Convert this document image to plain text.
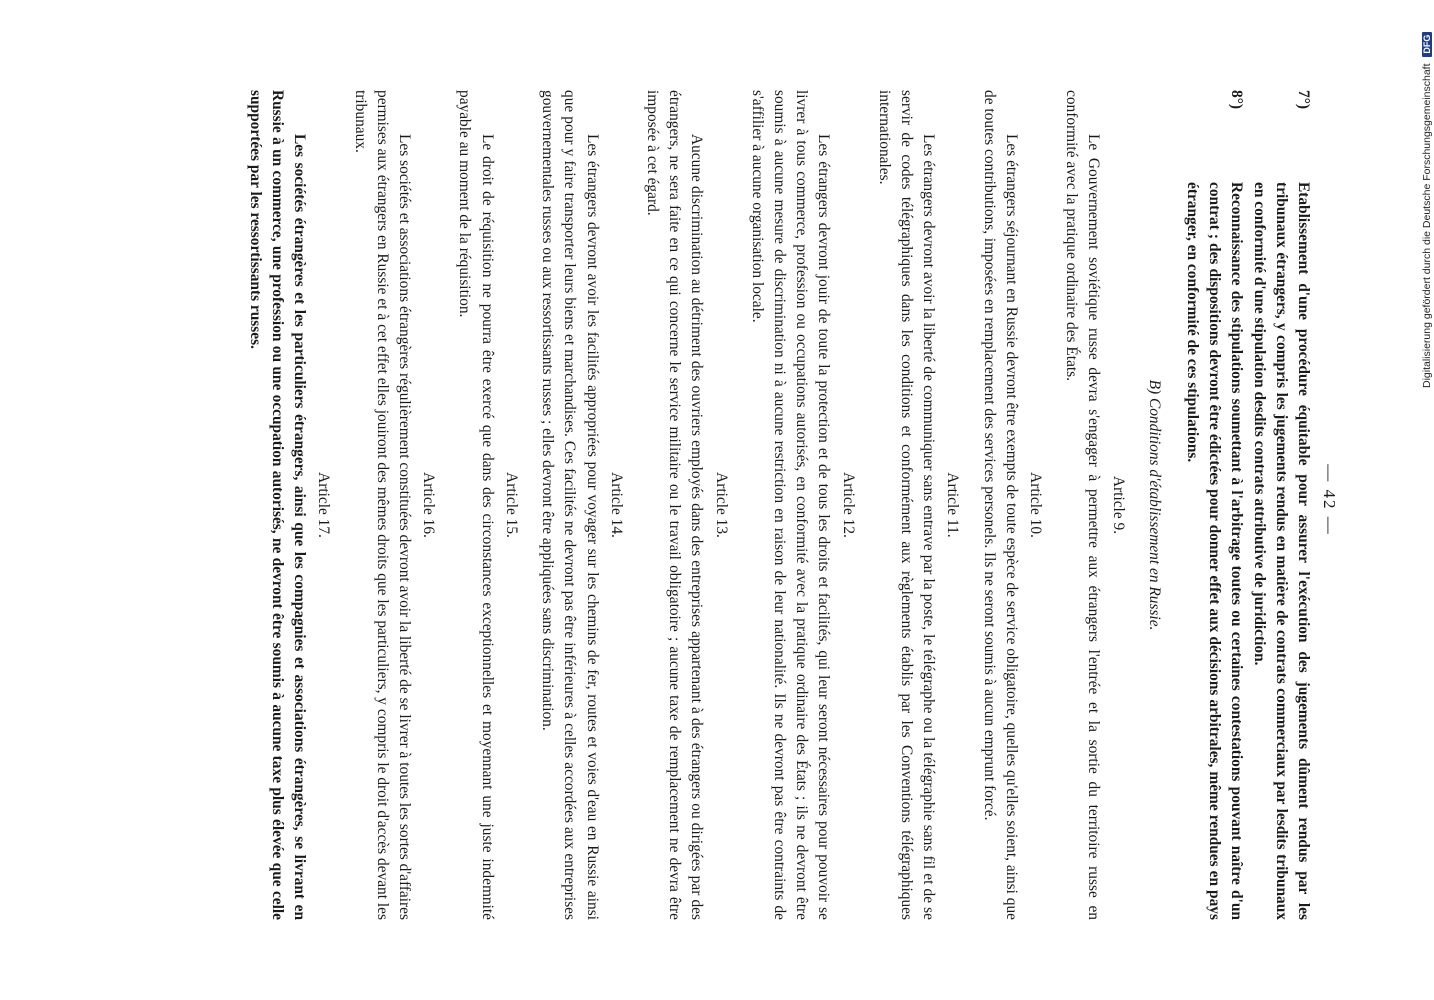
— 42 —

7°)
Etablissement d'une procédure équitable pour assurer l'exécution des jugements dûment rendus par les tribunaux étrangers, y compris les jugements rendus en matière de contrats commerciaux par lesdits tribunaux en conformité d'une stipulation desdits contrats attributive de juridiction.

8°)
Reconnaissance des stipulations soumettant à l'arbitrage toutes ou certaines contestations pouvant naître d'un contrat ; des dispositions devront être édictées pour donner effet aux décisions arbitrales, même rendues en pays étranger, en conformité de ces stipulations.

B) Conditions d'établissement en Russie.
Article 9.

Le Gouvernement soviétique russe devra s'engager à permettre aux étrangers l'entrée et la sortie du territoire russe en conformité avec la pratique ordinaire des États.

Article 10.

Les étrangers séjournant en Russie devront être exempts de toute espèce de service obligatoire, quelles qu'elles soient, ainsi que de toutes contributions, imposées en remplacement des services personels. Ils ne seront soumis à aucun emprunt forcé.

Article 11.

Les étrangers devront avoir la liberté de communiquer sans entrave par la poste, le télégraphe ou la télégraphie sans fil et de se servir de codes télégraphiques dans les conditions et conformément aux règlements établis par les Conventions télégraphiques internationales.

Article 12.

Les étrangers devront jouir de toute la protection et de tous les droits et facilités, qui leur seront nécessaires pour pouvoir se livrer à tous commerce, profession ou occupations autorisés, en conformité avec la pratique ordinaire des États ; ils ne devront être soumis à aucune mesure de discrimination ni à aucune restriction en raison de leur nationalité. Ils ne devront pas être contraints de s'affilier à aucune organisation locale.

Article 13.

Aucune discrimination au détriment des ouvriers employés dans des entreprises appartenant à des étrangers ou dirigées par des étrangers, ne sera faite en ce qui concerne le service militaire ou le travail obligatoire ; aucune taxe de remplacement ne devra être imposée à cet égard.

Article 14.

Les étrangers devront avoir les facilités appropriées pour voyager sur les chemins de fer, routes et voies d'eau en Russie ainsi que pour y faire transporter leurs biens et marchandises. Ces facilités ne devront pas être inférieures à celles accordées aux entreprises gouvernementales russes ou aux ressortissants russes ; elles devront être appliquées sans discrimination.

Article 15.

Le droit de réquisition ne pourra être exercé que dans des circonstances exceptionnelles et moyennant une juste indemnité payable au moment de la réquisition.

Article 16.

Les sociétés et associations étrangères régulièrement constituées devront avoir la liberté de se livrer à toutes les sortes d'affaires permises aux étrangers en Russie et à cet effet elles jouiront des mêmes droits que les particuliers, y compris le droit d'accès devant les tribunaux.

Article 17.

Les sociétés étrangères et les particuliers étrangers, ainsi que les compagnies et associations étrangères, se livrant en Russie à un commerce, une profession ou une occupation autorisés, ne devront être soumis à aucune taxe plus élevée que celle supportées par les ressortissants russes.	Digitalisierung gefördert durch die Deutsche Forschungsgemeinschaft DFG
